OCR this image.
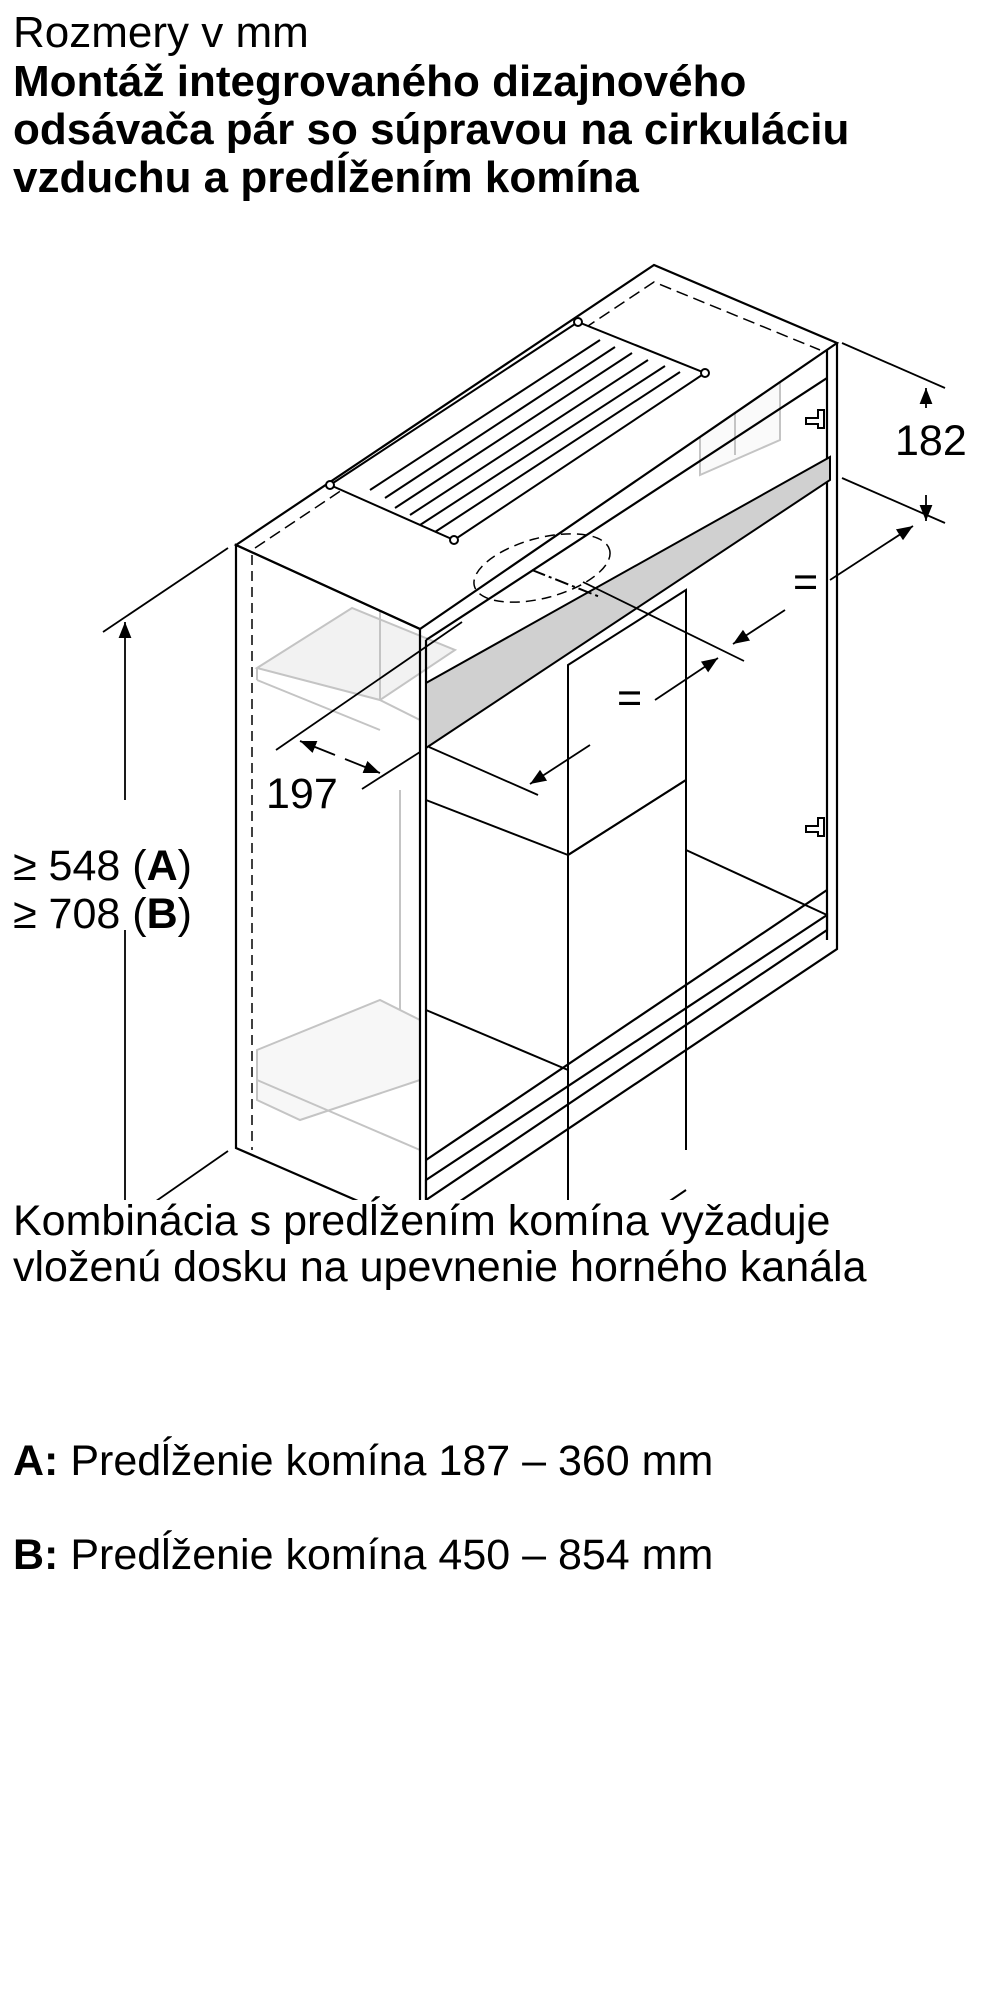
Rozmery v mm
Montáž integrovaného dizajnového
odsávača pár so súpravou na cirkuláciu
vzduchu a predĺžením komína
≥ 548 (A)
≥ 708 (B)
182
=
=
197

Kombinácia s predĺžením komína vyžaduje
vloženú dosku na upevnenie horného kanála

A: Predĺženie komína 187 – 360 mm

B: Predĺženie komína 450 – 854 mm
